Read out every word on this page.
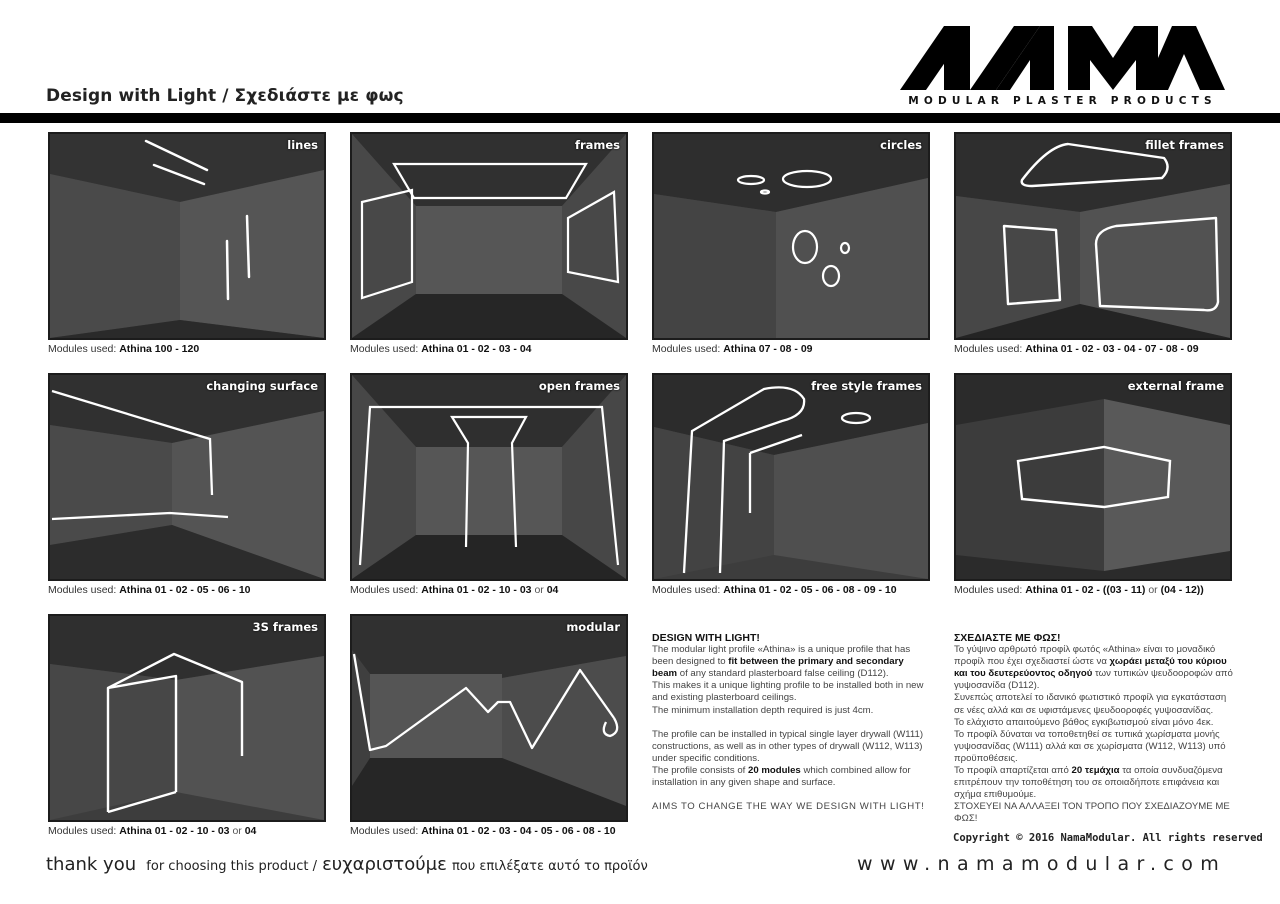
MODULAR PLASTER PRODUCTS
Design with Light / Σχεδιάστε με φως
lines
Modules used: Athina 100 - 120
frames
Modules used: Athina 01 - 02 - 03 - 04
circles
Modules used: Athina 07 - 08 - 09
fillet frames
Modules used: Athina 01 - 02 - 03 - 04 - 07 - 08 - 09
changing surface
Modules used: Athina 01 - 02 - 05 - 06 - 10
open frames
Modules used: Athina 01 - 02 - 10 - 03 or 04
free style frames
Modules used: Athina 01 - 02 - 05 - 06 - 08 - 09 - 10
external frame
Modules used: Athina 01 - 02 - ((03 - 11) or (04 - 12))
3S frames
Modules used: Athina 01 - 02 - 10 - 03 or 04
modular
Modules used: Athina 01 - 02 - 03 - 04 - 05 - 06 - 08 - 10
DESIGN WITH LIGHT!

The modular light profile «Athina» is a unique profile that has been designed to fit between the primary and secondary beam of any standard plasterboard false ceiling (D112).

This makes it a unique lighting profile to be installed both in new and existing plasterboard ceilings.

The minimum installation depth required is just 4cm.

The profile can be installed in typical single layer drywall (W111) constructions, as well as in other types of drywall (W112, W113) under specific conditions.

The profile consists of 20 modules which combined allow for installation in any given shape and surface.

AIMS TO CHANGE THE WAY WE DESIGN WITH LIGHT!

ΣΧΕΔΙΑΣΤΕ ΜΕ ΦΩΣ!

Το γύψινο αρθρωτό προφίλ φωτός «Athina» είναι το μοναδικό προφίλ που έχει σχεδιαστεί ώστε να χωράει μεταξύ του κύριου και του δευτερεύοντος οδηγού των τυπικών ψευδοοροφών από γυψοσανίδα (D112).

Συνεπώς αποτελεί το ιδανικό φωτιστικό προφίλ για εγκατάσταση σε νέες αλλά και σε υφιστάμενες ψευδοοροφές γυψοσανίδας.

Το ελάχιστο απαιτούμενο βάθος εγκιβωτισμού είναι μόνο 4εκ.

Το προφίλ δύναται να τοποθετηθεί σε τυπικά χωρίσματα μονής γυψοσανίδας (W111) αλλά και σε χωρίσματα (W112, W113) υπό προϋποθέσεις.

Το προφίλ απαρτίζεται από 20 τεμάχια τα οποία συνδυαζόμενα επιτρέπουν την τοποθέτηση του σε οποιαδήποτε επιφάνεια και σχήμα επιθυμούμε.

ΣΤΟΧΕΥΕΙ ΝΑ ΑΛΛΑΞΕΙ ΤΟΝ ΤΡΟΠΟ ΠΟΥ ΣΧΕΔΙΑΖΟΥΜΕ ΜΕ ΦΩΣ!

Copyright © 2016 NamaModular. All rights reserved
thank you for choosing this product / ευχαριστούμε που επιλέξατε αυτό το προϊόν	www.namamodular.com
